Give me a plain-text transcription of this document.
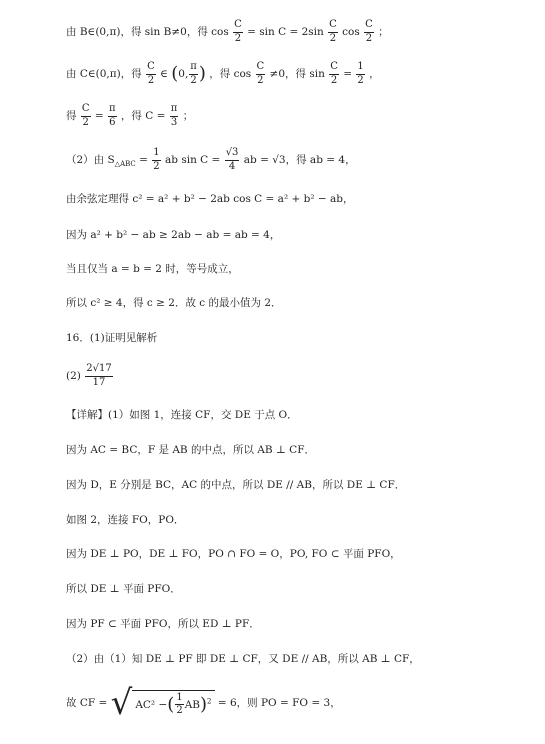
由 B∈(0,π)，得 sin B≠0，得 $\cos \frac{C}{2} = \sin C = 2\sin \frac{C}{2}$ $\cos \frac{C}{2}$ ；
由 C∈(0,π)，得 $\frac{C}{2}$ ∈ (0, $\frac{\pi}{2}$ ) ，得 $\cos \frac{C}{2} \ne 0$，得 $\sin \frac{C}{2} = \frac{1}{2}$ ，
得 $\frac{C}{2} = \frac{\pi}{6}$ ，得 $C = \frac{\pi}{3}$ ；
（2）由 $S_{\triangle ABC} = \frac{1}{2}$ ab $\sin C = \frac{√3}{4}$ ab = √3，得 ab = 4，
由余弦定理得 c² = a² + b² − 2ab cos C = a² + b² − ab，
因为 a² + b² − ab ≥ 2ab − ab = ab = 4，
当且仅当 a = b = 2 时，等号成立，
所以 c² ≥ 4，得 c ≥ 2．故 c 的最小值为 2．
16．(1)证明见解析
$(2) \frac{2√17}{17}$
【详解】(1）如图 1，连接 CF，交 DE 于点 O．
因为 AC = BC，F 是 AB 的中点，所以 AB ⊥ CF．
因为 D，E 分别是 BC，AC 的中点，所以 DE // AB，所以 DE ⊥ CF．
如图 2，连接 FO，PO．
因为 DE ⊥ PO，DE ⊥ FO，PO ∩ FO = O，PO, FO ⊂ 平面 PFO，
所以 DE ⊥ 平面 PFO．
因为 PF ⊂ 平面 PFO，所以 ED ⊥ PF．
（2）由（1）知 DE ⊥ PF 即 DE ⊥ CF，又 DE // AB，所以 AB ⊥ CF，
故 CF = √ AC² −( $\frac{1}{2} AB)^2 = 6$，则 PO = FO = 3，
